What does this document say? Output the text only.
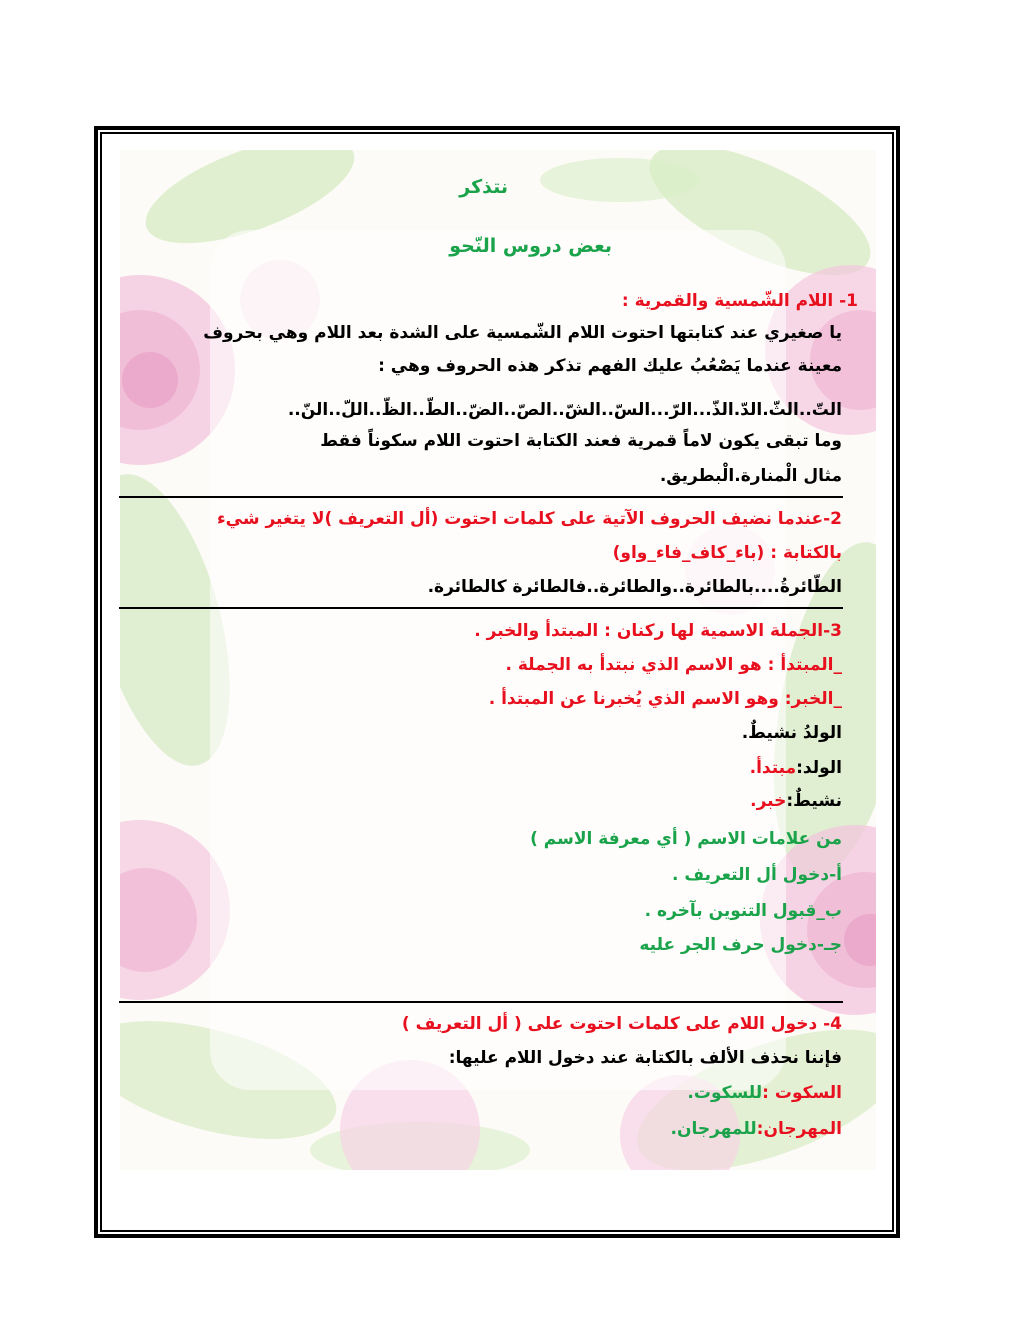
نتذكر
بعض دروس النّحو
1- اللام الشّمسية والقمرية :
يا صغيري عند كتابتها احتوت اللام الشّمسية على الشدة بعد اللام وهي بحروف
معينة عندما يَصْعُبُ عليك الفهم تذكر هذه الحروف وهي :
التّ..الثّ.الدّ.الذّ...الرّ...السّ..الشّ..الصّ..الضّ..الطّ..الظّ..اللّ..النّ..
وما تبقى يكون لاماً قمرية فعند الكتابة احتوت اللام سكوناً فقط
مثال الْمنارة.الْبطريق.
2-عندما نضيف الحروف الآتية على كلمات احتوت (أل التعريف )لا يتغير شيء
بالكتابة : (باء_كاف_فاء_واو)
الطّائرةُ....بالطائرة..والطائرة..فالطائرة كالطائرة.
3-الجملة الاسمية لها ركنان : المبتدأ والخبر .
_المبتدأ : هو الاسم الذي نبتدأ به الجملة .
_الخبر: وهو الاسم الذي يُخبرنا عن المبتدأ .
الولدُ نشيطٌ.
الولد:مبتدأ.
نشيطٌ:خبر.
من علامات الاسم ( أي معرفة الاسم )
أ-دخول أل التعريف .
ب_قبول التنوين بآخره .
جـ-دخول حرف الجر عليه
4- دخول اللام على كلمات احتوت على ( أل التعريف )
فإننا نحذف الألف بالكتابة عند دخول اللام عليها:
السكوت :للسكوت.
المهرجان:للمهرجان.
